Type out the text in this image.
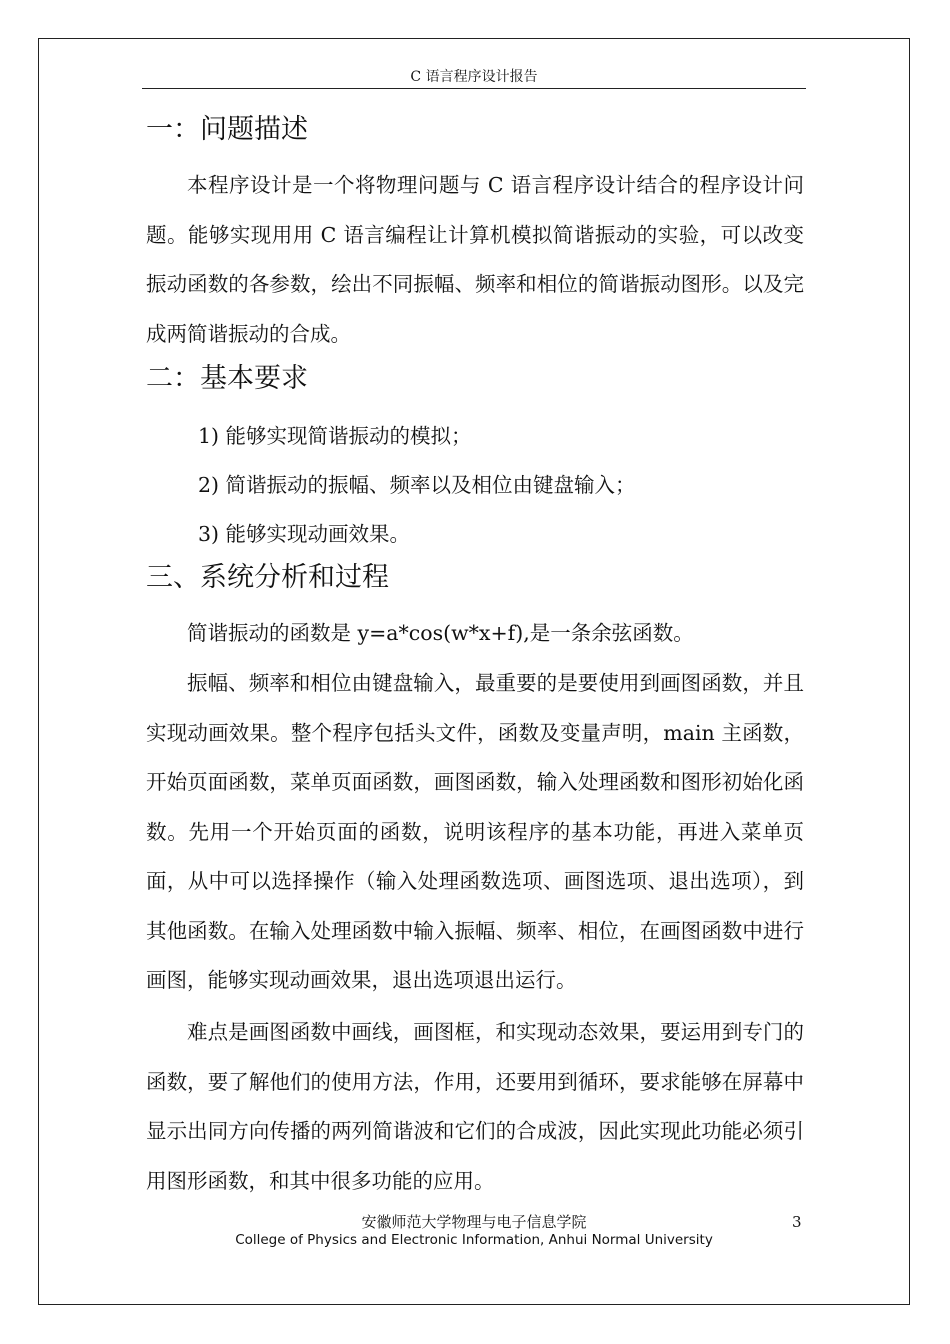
C 语言程序设计报告
一：问题描述
本程序设计是一个将物理问题与 C 语言程序设计结合的程序设计问题。能够实现用用 C 语言编程让计算机模拟简谐振动的实验，可以改变振动函数的各参数，绘出不同振幅、频率和相位的简谐振动图形。以及完成两简谐振动的合成。
二：基本要求
1) 能够实现简谐振动的模拟；
2) 简谐振动的振幅、频率以及相位由键盘输入；
3) 能够实现动画效果。
三、系统分析和过程
简谐振动的函数是 y=a*cos(w*x+f),是一条余弦函数。
振幅、频率和相位由键盘输入，最重要的是要使用到画图函数，并且实现动画效果。整个程序包括头文件，函数及变量声明，main 主函数，开始页面函数，菜单页面函数，画图函数，输入处理函数和图形初始化函数。先用一个开始页面的函数，说明该程序的基本功能，再进入菜单页面，从中可以选择操作（输入处理函数选项、画图选项、退出选项），到其他函数。在输入处理函数中输入振幅、频率、相位，在画图函数中进行画图，能够实现动画效果，退出选项退出运行。
难点是画图函数中画线，画图框，和实现动态效果，要运用到专门的函数，要了解他们的使用方法，作用，还要用到循环，要求能够在屏幕中显示出同方向传播的两列简谐波和它们的合成波，因此实现此功能必须引用图形函数，和其中很多功能的应用。
安徽师范大学物理与电子信息学院
College of Physics and Electronic Information, Anhui Normal University
3
